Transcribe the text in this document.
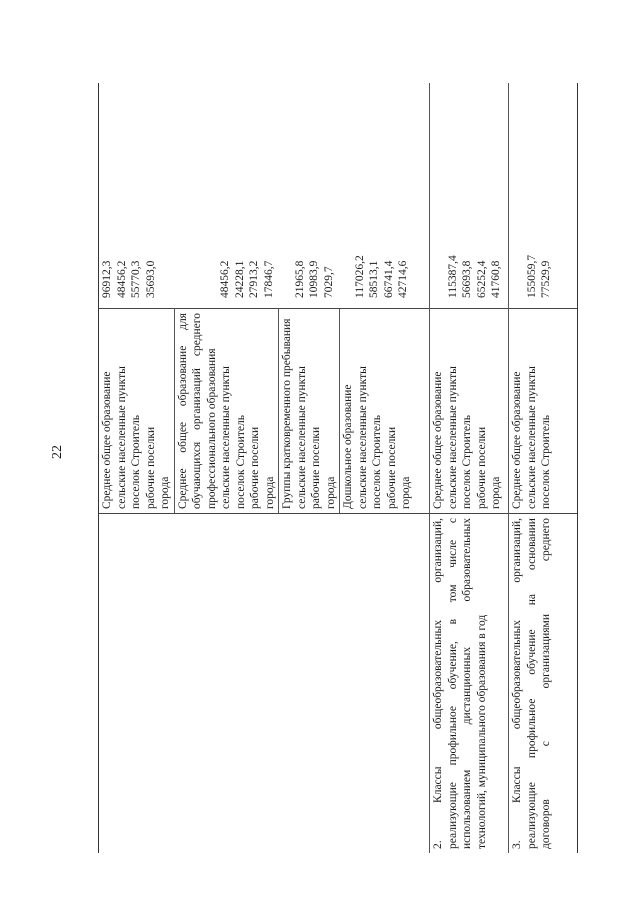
22	Среднее общее образование сельские населенные пункты поселок Строитель рабочие поселки города Среднее
общее
образование
для
обучающихся
организаций
среднего
профессионального образования сельские населенные пункты поселок Строитель рабочие поселки города Группы кратковременного пребывания сельские населенные пункты рабочие поселки города Дошкольное образование сельские населенные пункты поселок Строитель рабочие поселки города
96912,3 48456,2 55770,3 35693,0	48456,2 24228,1 27913,2 17846,7 21965,8 10983,9 7029,7 117026,2 58513,1 66741,4 42714,6
2.
Классы
общеобразовательных
организаций,
реализующие
профильное
обучение,
в
том
числе
с
использованием
дистанционных
образовательных
технологий, муниципального образования в год
Среднее общее образование сельские населенные пункты поселок Строитель рабочие поселки города
115387,4 56693,8 65252,4 41760,8
3.
Классы
общеобразовательных
организаций,
реализующие
профильное
обучение
на
основании
договоров
с
организациями
среднего
Среднее общее образование сельские населенные пункты поселок Строитель
155059,7 77529,9
